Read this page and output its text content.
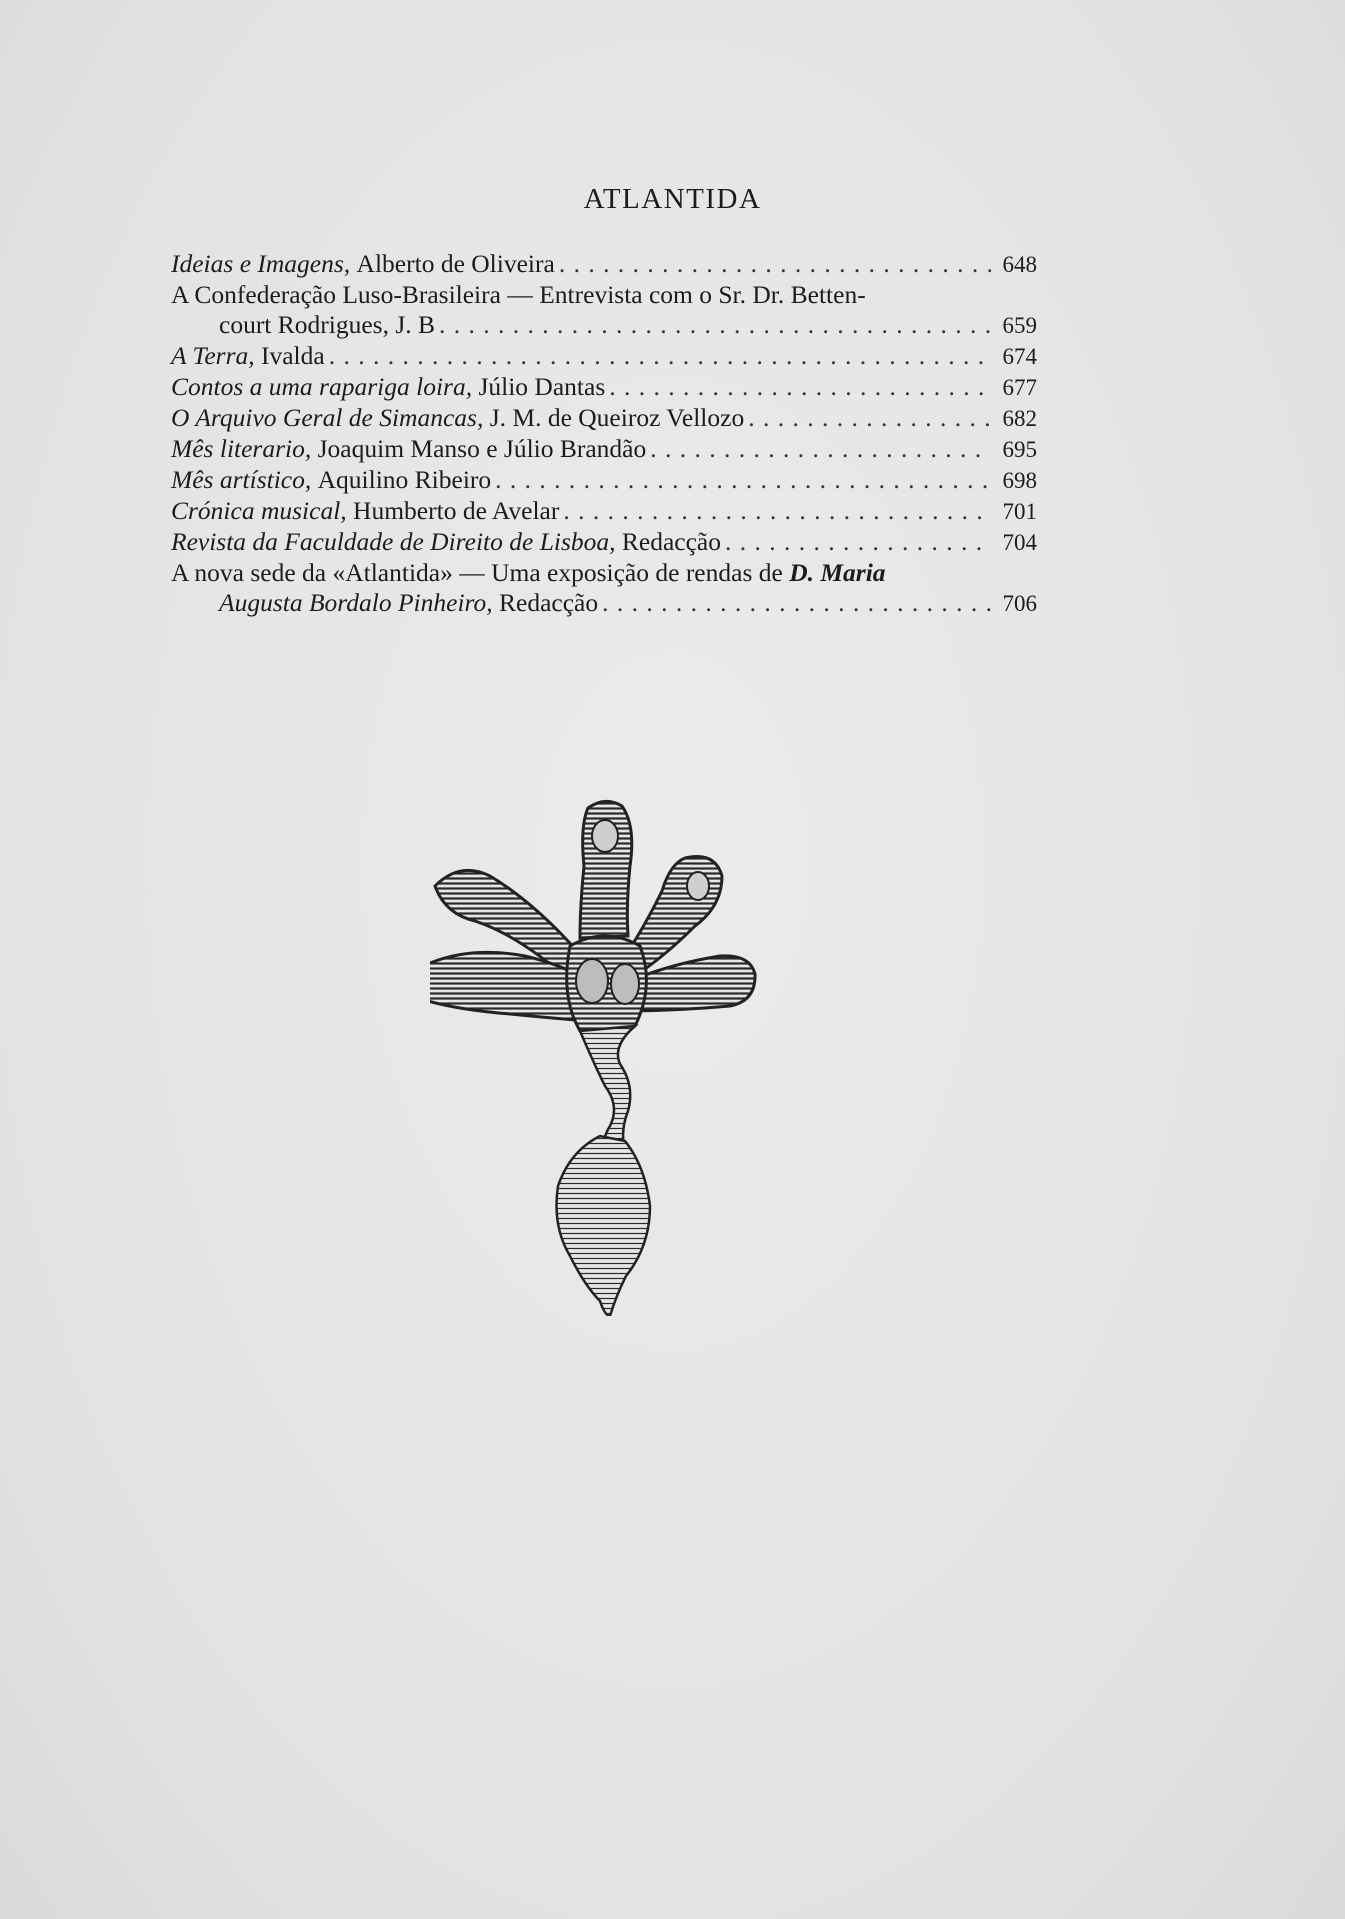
ATLANTIDA
Ideias e Imagens,
Alberto de Oliveira . . .	648
A Confederação Luso-Brasileira — Entrevista com o Sr. Dr. Betten-
court Rodrigues, J. B . . .	659
A Terra,
Ivalda . . .	674
Contos a uma rapariga loira,
Júlio Dantas . . .	677
O Arquivo Geral de Simancas,
J. M. de Queiroz Vellozo . . .	682
Mês literario,
Joaquim Manso e Júlio Brandão . . .	695
Mês artístico,
Aquilino Ribeiro . . .	698
Crónica musical,
Humberto de Avelar . . .	701
Revista da Faculdade de Direito de Lisboa,
Redacção . . .	704
A nova sede da «Atlantida» — Uma exposição de rendas de D. Maria
Augusta Bordalo Pinheiro,
Redacção . . .	706
